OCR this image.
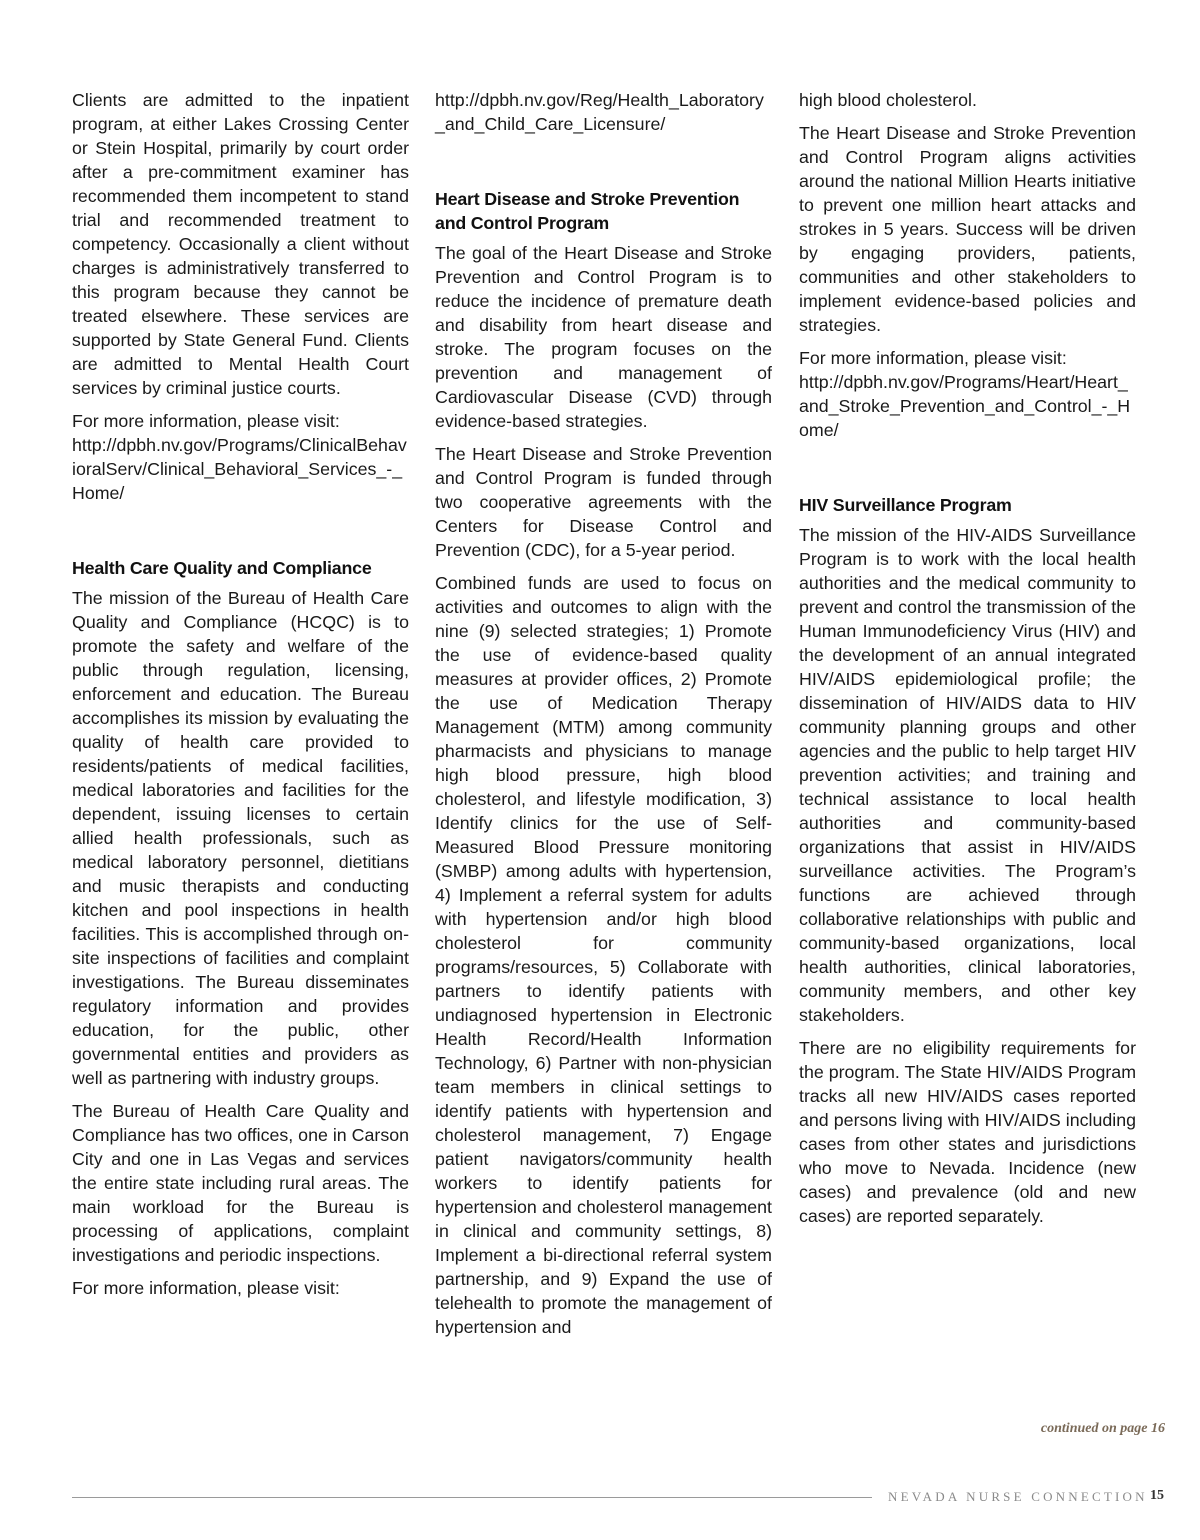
Clients are admitted to the inpatient program, at either Lakes Crossing Center or Stein Hospital, primarily by court order after a pre-commitment examiner has recommended them incompetent to stand trial and recommended treatment to competency. Occasionally a client without charges is administratively transferred to this program because they cannot be treated elsewhere. These services are supported by State General Fund. Clients are admitted to Mental Health Court services by criminal justice courts.

For more information, please visit:
http://dpbh.nv.gov/Programs/ClinicalBehavioralServ/Clinical_Behavioral_Services_-_Home/

Health Care Quality and Compliance

The mission of the Bureau of Health Care Quality and Compliance (HCQC) is to promote the safety and welfare of the public through regulation, licensing, enforcement and education. The Bureau accomplishes its mission by evaluating the quality of health care provided to residents/patients of medical facilities, medical laboratories and facilities for the dependent, issuing licenses to certain allied health professionals, such as medical laboratory personnel, dietitians and music therapists and conducting kitchen and pool inspections in health facilities. This is accomplished through on-site inspections of facilities and complaint investigations. The Bureau disseminates regulatory information and provides education, for the public, other governmental entities and providers as well as partnering with industry groups.

The Bureau of Health Care Quality and Compliance has two offices, one in Carson City and one in Las Vegas and services the entire state including rural areas. The main workload for the Bureau is processing of applications, complaint investigations and periodic inspections.

For more information, please visit:

http://dpbh.nv.gov/Reg/Health_Laboratory_and_Child_Care_Licensure/

Heart Disease and Stroke Prevention and Control Program

The goal of the Heart Disease and Stroke Prevention and Control Program is to reduce the incidence of premature death and disability from heart disease and stroke. The program focuses on the prevention and management of Cardiovascular Disease (CVD) through evidence-based strategies.

The Heart Disease and Stroke Prevention and Control Program is funded through two cooperative agreements with the Centers for Disease Control and Prevention (CDC), for a 5-year period.

Combined funds are used to focus on activities and outcomes to align with the nine (9) selected strategies; 1) Promote the use of evidence-based quality measures at provider offices, 2) Promote the use of Medication Therapy Management (MTM) among community pharmacists and physicians to manage high blood pressure, high blood cholesterol, and lifestyle modification, 3) Identify clinics for the use of Self- Measured Blood Pressure monitoring (SMBP) among adults with hypertension, 4) Implement a referral system for adults with hypertension and/or high blood cholesterol for community programs/resources, 5) Collaborate with partners to identify patients with undiagnosed hypertension in Electronic Health Record/Health Information Technology, 6) Partner with non-physician team members in clinical settings to identify patients with hypertension and cholesterol management, 7) Engage patient navigators/community health workers to identify patients for hypertension and cholesterol management in clinical and community settings, 8) Implement a bi-directional referral system partnership, and 9) Expand the use of telehealth to promote the management of hypertension and

high blood cholesterol.

The Heart Disease and Stroke Prevention and Control Program aligns activities around the national Million Hearts initiative to prevent one million heart attacks and strokes in 5 years. Success will be driven by engaging providers, patients, communities and other stakeholders to implement evidence-based policies and strategies.

For more information, please visit:
http://dpbh.nv.gov/Programs/Heart/Heart_and_Stroke_Prevention_and_Control_-_Home/

HIV Surveillance Program

The mission of the HIV-AIDS Surveillance Program is to work with the local health authorities and the medical community to prevent and control the transmission of the Human Immunodeficiency Virus (HIV) and the development of an annual integrated HIV/AIDS epidemiological profile; the dissemination of HIV/AIDS data to HIV community planning groups and other agencies and the public to help target HIV prevention activities; and training and technical assistance to local health authorities and community-based organizations that assist in HIV/AIDS surveillance activities. The Program’s functions are achieved through collaborative relationships with public and community-based organizations, local health authorities, clinical laboratories, community members, and other key stakeholders.

There are no eligibility requirements for the program. The State HIV/AIDS Program tracks all new HIV/AIDS cases reported and persons living with HIV/AIDS including cases from other states and jurisdictions who move to Nevada. Incidence (new cases) and prevalence (old and new cases) are reported separately.

continued on page 16
NEVADA NURSE CONNECTION 15
